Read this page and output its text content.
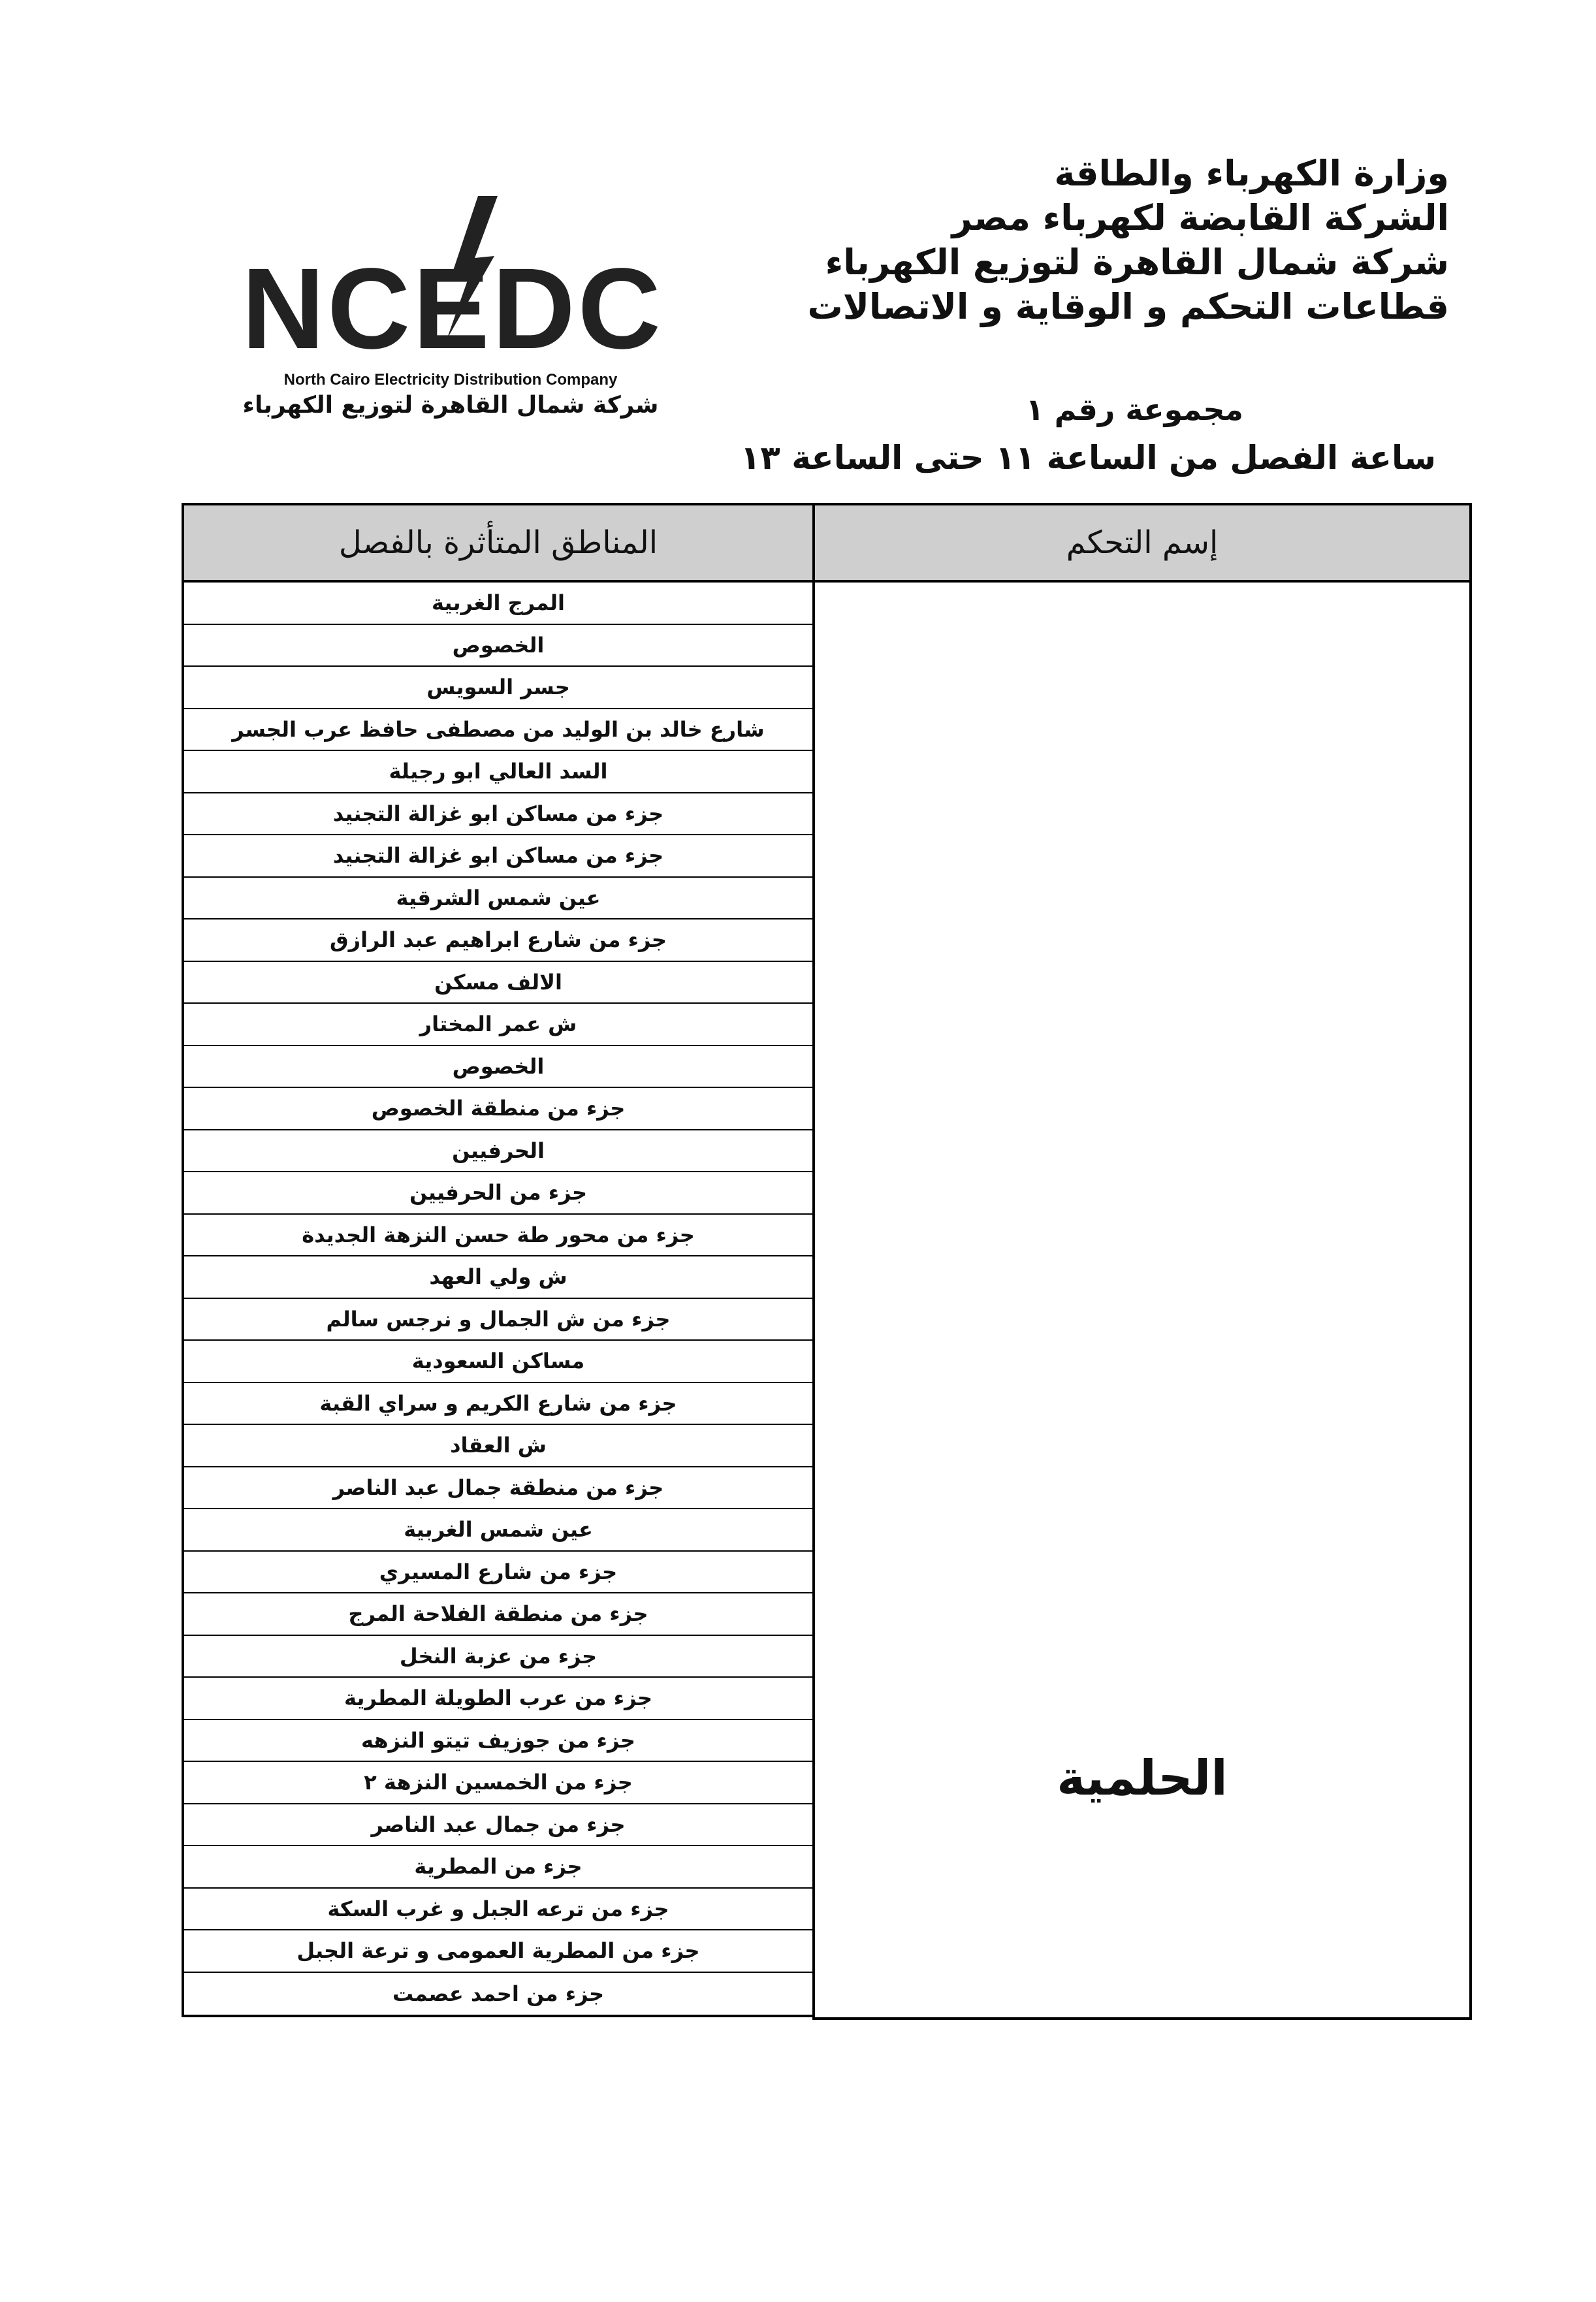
وزارة الكهرباء والطاقة
الشركة القابضة لكهرباء مصر
شركة شمال القاهرة لتوزيع الكهرباء
قطاعات التحكم و الوقاية و الاتصالات
NCEDC
North Cairo Electricity Distribution Company
شركة شمال القاهرة لتوزيع الكهرباء	مجموعة رقم ١
ساعة الفصل من الساعة ١١ حتى الساعة ١٣
المناطق المتأثرة بالفصل	إسم التحكم
المرج الغربية
الخصوص
جسر السويس
شارع خالد بن الوليد من مصطفى حافظ عرب الجسر
السد العالي ابو رجيلة
جزء من مساكن ابو غزالة التجنيد
جزء من مساكن ابو غزالة التجنيد
عين شمس الشرقية
جزء من شارع ابراهيم عبد الرازق
الالف مسكن
ش عمر المختار
الخصوص
جزء من منطقة الخصوص
الحرفيين
جزء من الحرفيين
جزء من محور طة حسن النزهة الجديدة
ش ولي العهد
جزء من ش الجمال و نرجس سالم
مساكن السعودية
جزء من شارع الكريم و سراي القبة
ش العقاد
جزء من منطقة جمال عبد الناصر
عين شمس الغربية
جزء من شارع المسيري
جزء من منطقة الفلاحة المرج
جزء من عزبة النخل
جزء من عرب الطويلة المطرية
جزء من جوزيف تيتو النزهه
جزء من الخمسين النزهة ٢
جزء من جمال عبد الناصر
جزء من المطرية
جزء من ترعه الجبل و غرب السكة
جزء من المطرية العمومى و ترعة الجبل
جزء من احمد عصمت
الحلمية
